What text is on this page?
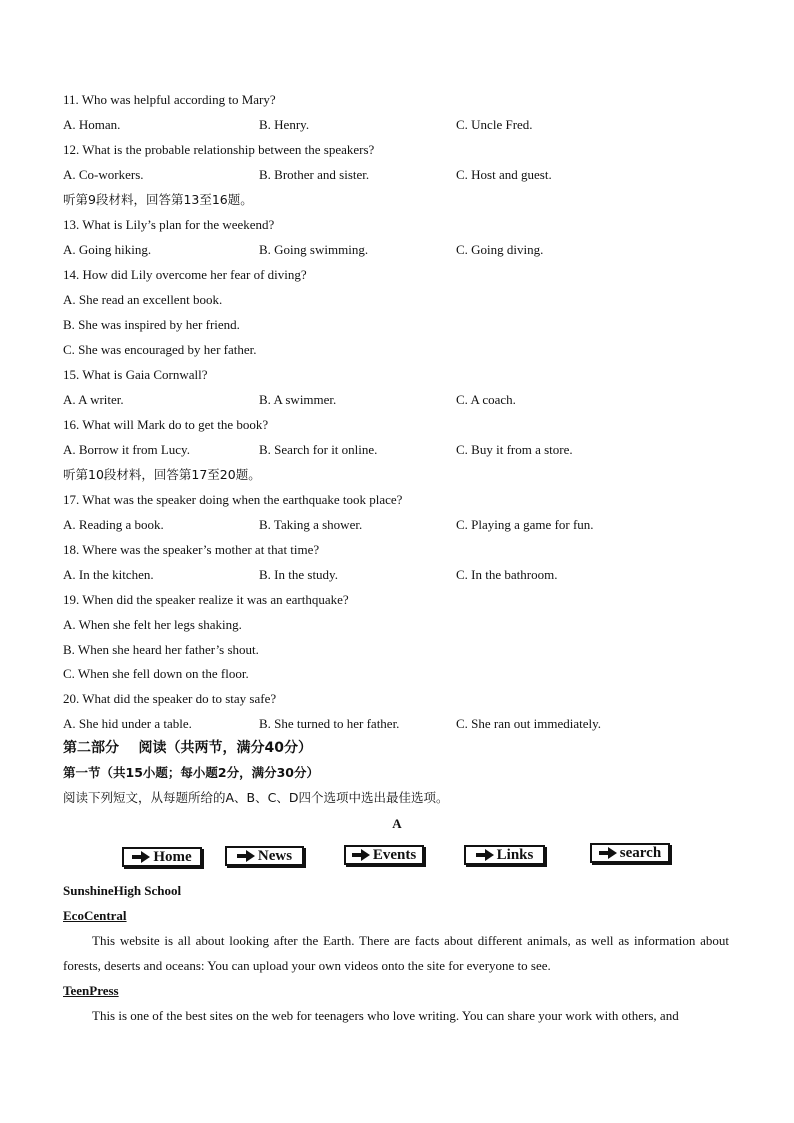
11. Who was helpful according to Mary?
A. Homan.	B. Henry.	C. Uncle Fred.
12. What is the probable relationship between the speakers?
A. Co-workers.	B. Brother and sister.	C. Host and guest.
听第9段材料，回答第13至16题。
13. What is Lily’s plan for the weekend?
A. Going hiking.	B. Going swimming.	C. Going diving.
14. How did Lily overcome her fear of diving?
A. She read an excellent book.
B. She was inspired by her friend.
C. She was encouraged by her father.
15. What is Gaia Cornwall?
A. A writer.	B. A swimmer.	C. A coach.
16. What will Mark do to get the book?
A. Borrow it from Lucy.	B. Search for it online.	C. Buy it from a store.
听第10段材料，回答第17至20题。
17. What was the speaker doing when the earthquake took place?
A. Reading a book.	B. Taking a shower.	C. Playing a game for fun.
18. Where was the speaker’s mother at that time?
A. In the kitchen.	B. In the study.	C. In the bathroom.
19. When did the speaker realize it was an earthquake?
A. When she felt her legs shaking.
B. When she heard her father’s shout.
C. When she fell down on the floor.
20. What did the speaker do to stay safe?
A. She hid under a table.	B. She turned to her father.	C. She ran out immediately.
第二部分    阅读（共两节，满分40分）
第一节（共15小题；每小题2分，满分30分）
阅读下列短文，从每题所给的A、B、C、D四个选项中选出最佳选项。
A
Home	News	Events	Links	search
SunshineHigh School
EcoCentral
This website is all about looking after the Earth. There are facts about different animals, as well as information about forests, deserts and oceans: You can upload your own videos onto the site for everyone to see.
TeenPress
This is one of the best sites on the web for teenagers who love writing. You can share your work with others, and
